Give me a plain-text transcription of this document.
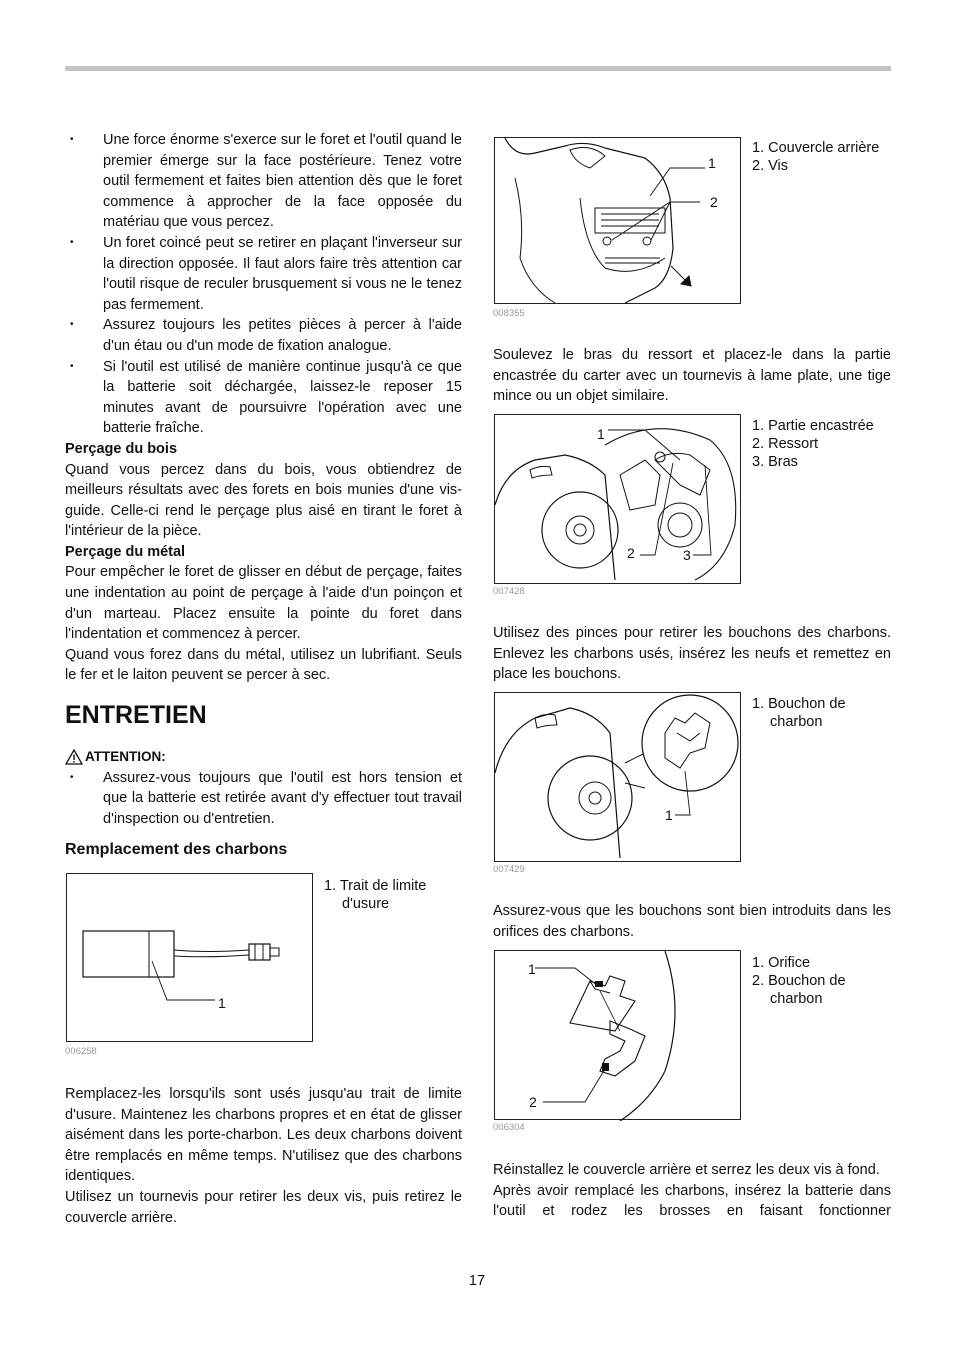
• Une force énorme s'exerce sur le foret et l'outil quand le premier émerge sur la face postérieure. Tenez votre outil fermement et faites bien attention dès que le foret commence à approcher de la face opposée du matériau que vous percez.
• Un foret coincé peut se retirer en plaçant l'inverseur sur la direction opposée. Il faut alors faire très attention car l'outil risque de reculer brusquement si vous ne le tenez pas fermement.
• Assurez toujours les petites pièces à percer à l'aide d'un étau ou d'un mode de fixation analogue.
• Si l'outil est utilisé de manière continue jusqu'à ce que la batterie soit déchargée, laissez-le reposer 15 minutes avant de poursuivre l'opération avec une batterie fraîche.

Perçage du bois

Quand vous percez dans du bois, vous obtiendrez de meilleurs résultats avec des forets en bois munies d'une vis-guide. Celle-ci rend le perçage plus aisé en tirant le foret à l'intérieur de la pièce.

Perçage du métal

Pour empêcher le foret de glisser en début de perçage, faites une indentation au point de perçage à l'aide d'un poinçon et d'un marteau. Placez ensuite la pointe du foret dans l'indentation et commencez à percer.

Quand vous forez dans du métal, utilisez un lubrifiant. Seuls le fer et le laiton peuvent se percer à sec.

ENTRETIEN
ATTENTION:
• Assurez-vous toujours que l'outil est hors tension et que la batterie est retirée avant d'y effectuer tout travail d'inspection ou d'entretien.
Remplacement des charbons
1
006258
1. Trait de limite d'usure

Remplacez-les lorsqu'ils sont usés jusqu'au trait de limite d'usure. Maintenez les charbons propres et en état de glisser aisément dans les porte-charbon. Les deux charbons doivent être remplacés en même temps. N'utilisez que des charbons identiques.

Utilisez un tournevis pour retirer les deux vis, puis retirez le couvercle arrière.

1
2
008355
1. Couvercle arrière
2. Vis

Soulevez le bras du ressort et placez-le dans la partie encastrée du carter avec un tournevis à lame plate, une tige mince ou un objet similaire.

1
2	3
007428
1. Partie encastrée
2. Ressort
3. Bras

Utilisez des pinces pour retirer les bouchons des charbons. Enlevez les charbons usés, insérez les neufs et remettez en place les bouchons.

1
007429
1. Bouchon de charbon

Assurez-vous que les bouchons sont bien introduits dans les orifices des charbons.

1
2
006304
1. Orifice
2. Bouchon de charbon

Réinstallez le couvercle arrière et serrez les deux vis à fond.

Après avoir remplacé les charbons, insérez la batterie dans l'outil et rodez les brosses en faisant fonctionner

17
